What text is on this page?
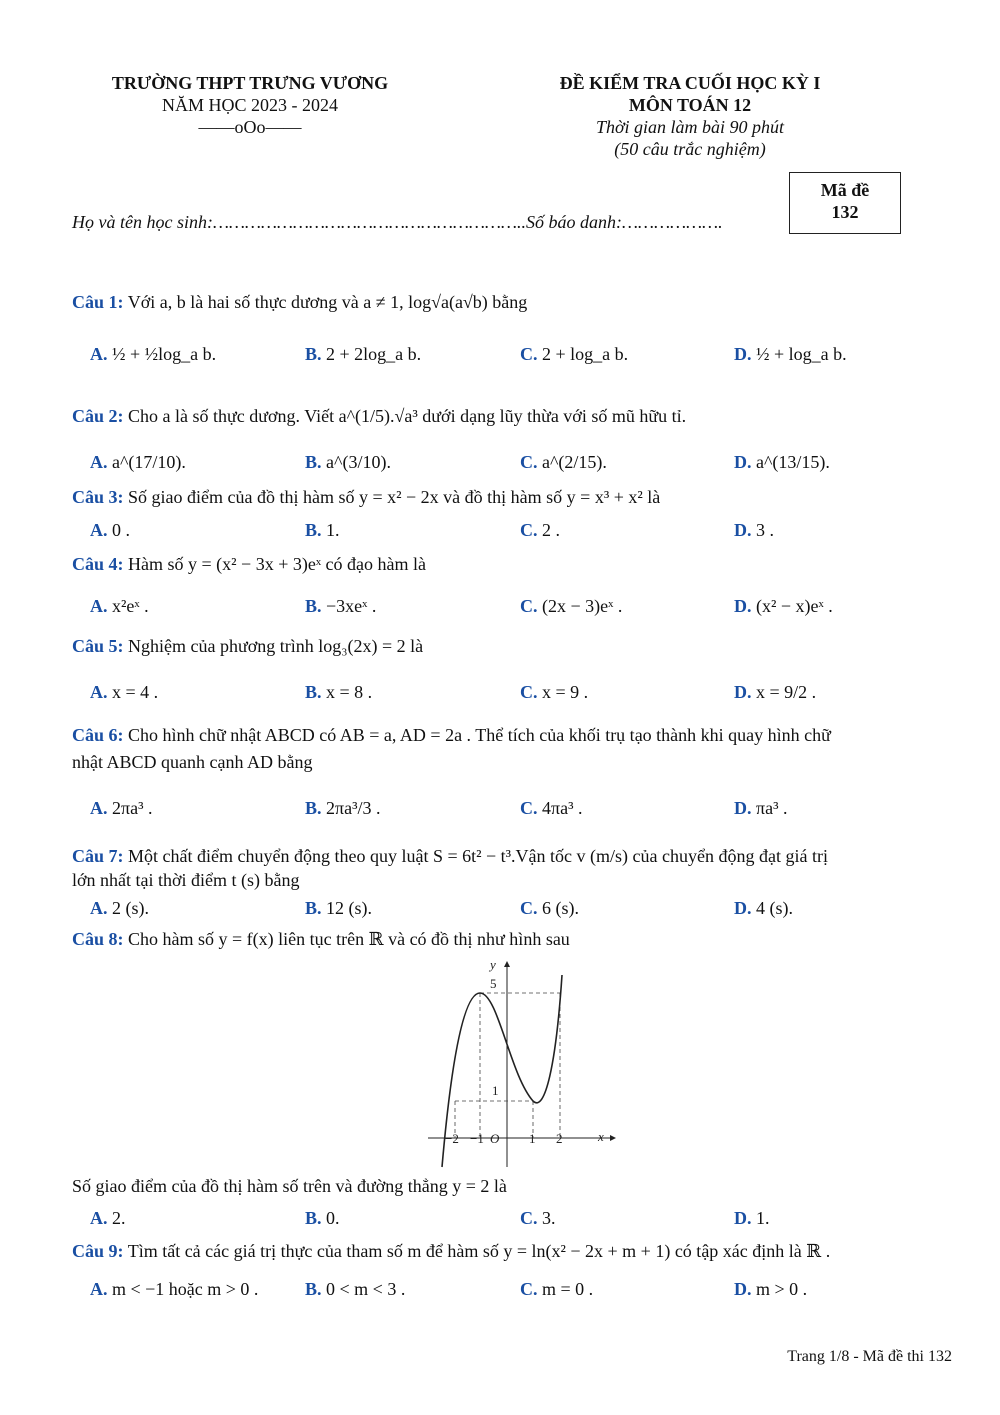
TRƯỜNG THPT TRƯNG VƯƠNG
NĂM HỌC 2023 - 2024
——oOo——
ĐỀ KIỂM TRA CUỐI HỌC KỲ I
MÔN TOÁN 12
Thời gian làm bài 90 phút
(50 câu trắc nghiệm)
Mã đề
132
Họ và tên học sinh:…………………………………………………..Số báo danh:……………….
Câu 1: Với a, b là hai số thực dương và a ≠ 1, log√a(a√b) bằng
A. ½ + ½log_a b.	B. 2 + 2log_a b.	C. 2 + log_a b.	D. ½ + log_a b.
Câu 2: Cho a là số thực dương. Viết a^(1/5).√a³ dưới dạng lũy thừa với số mũ hữu tỉ.
A. a^(17/10).	B. a^(3/10).	C. a^(2/15).	D. a^(13/15).
Câu 3: Số giao điểm của đồ thị hàm số y = x² − 2x và đồ thị hàm số y = x³ + x² là
A. 0 .	B. 1.	C. 2 .	D. 3 .
Câu 4: Hàm số y = (x² − 3x + 3)eˣ có đạo hàm là
A. x²eˣ .	B. −3xeˣ .	C. (2x − 3)eˣ .	D. (x² − x)eˣ .
Câu 5: Nghiệm của phương trình log₃(2x) = 2 là
A. x = 4 .	B. x = 8 .	C. x = 9 .	D. x = 9/2 .
Câu 6: Cho hình chữ nhật ABCD có AB = a, AD = 2a . Thể tích của khối trụ tạo thành khi quay hình chữ
nhật ABCD quanh cạnh AD bằng
A. 2πa³ .	B. 2πa³/3 .	C. 4πa³ .	D. πa³ .
Câu 7: Một chất điểm chuyển động theo quy luật S = 6t² − t³.Vận tốc v (m/s) của chuyển động đạt giá trị
lớn nhất tại thời điểm t (s) bằng
A. 2 (s).	B. 12 (s).	C. 6 (s).	D. 4 (s).
Câu 8: Cho hàm số y = f(x) liên tục trên ℝ và có đồ thị như hình sau
y
x
5
1
−2 −1 O 1 2
Số giao điểm của đồ thị hàm số trên và đường thẳng y = 2 là
A. 2.	B. 0.	C. 3.	D. 1.
Câu 9: Tìm tất cả các giá trị thực của tham số m để hàm số y = ln(x² − 2x + m + 1) có tập xác định là ℝ .
A. m < −1 hoặc m > 0 .	B. 0 < m < 3 .	C. m = 0 .	D. m > 0 .
Trang 1/8 - Mã đề thi 132
